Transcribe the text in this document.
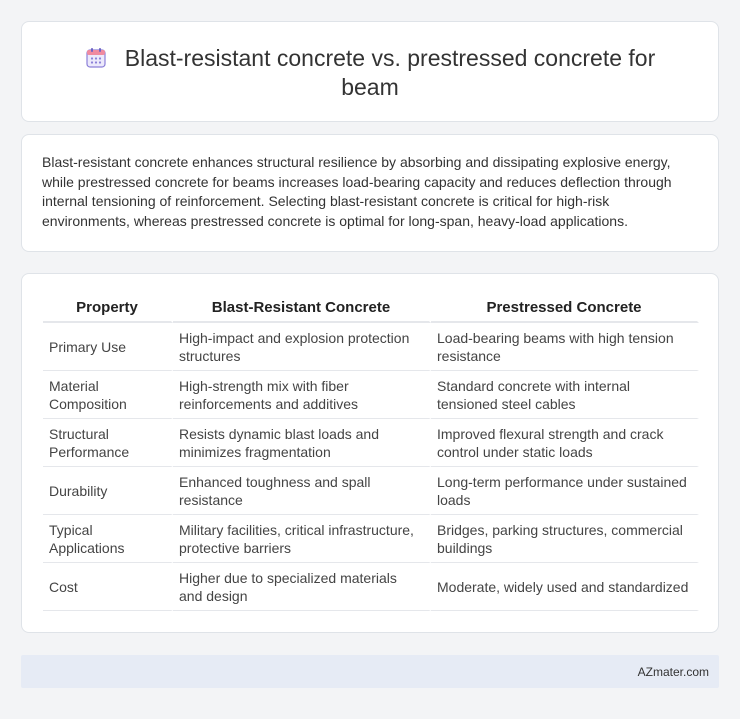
Blast-resistant concrete vs. prestressed concrete for beam
Blast-resistant concrete enhances structural resilience by absorbing and dissipating explosive energy, while prestressed concrete for beams increases load-bearing capacity and reduces deflection through internal tensioning of reinforcement. Selecting blast-resistant concrete is critical for high-risk environments, whereas prestressed concrete is optimal for long-span, heavy-load applications.
Property	Blast-Resistant Concrete	Prestressed Concrete
Primary Use	High-impact and explosion protection structures	Load-bearing beams with high tension resistance
Material Composition	High-strength mix with fiber reinforcements and additives	Standard concrete with internal tensioned steel cables
Structural Performance	Resists dynamic blast loads and minimizes fragmentation	Improved flexural strength and crack control under static loads
Durability	Enhanced toughness and spall resistance	Long-term performance under sustained loads
Typical Applications	Military facilities, critical infrastructure, protective barriers	Bridges, parking structures, commercial buildings
Cost	Higher due to specialized materials and design	Moderate, widely used and standardized
AZmater.com
